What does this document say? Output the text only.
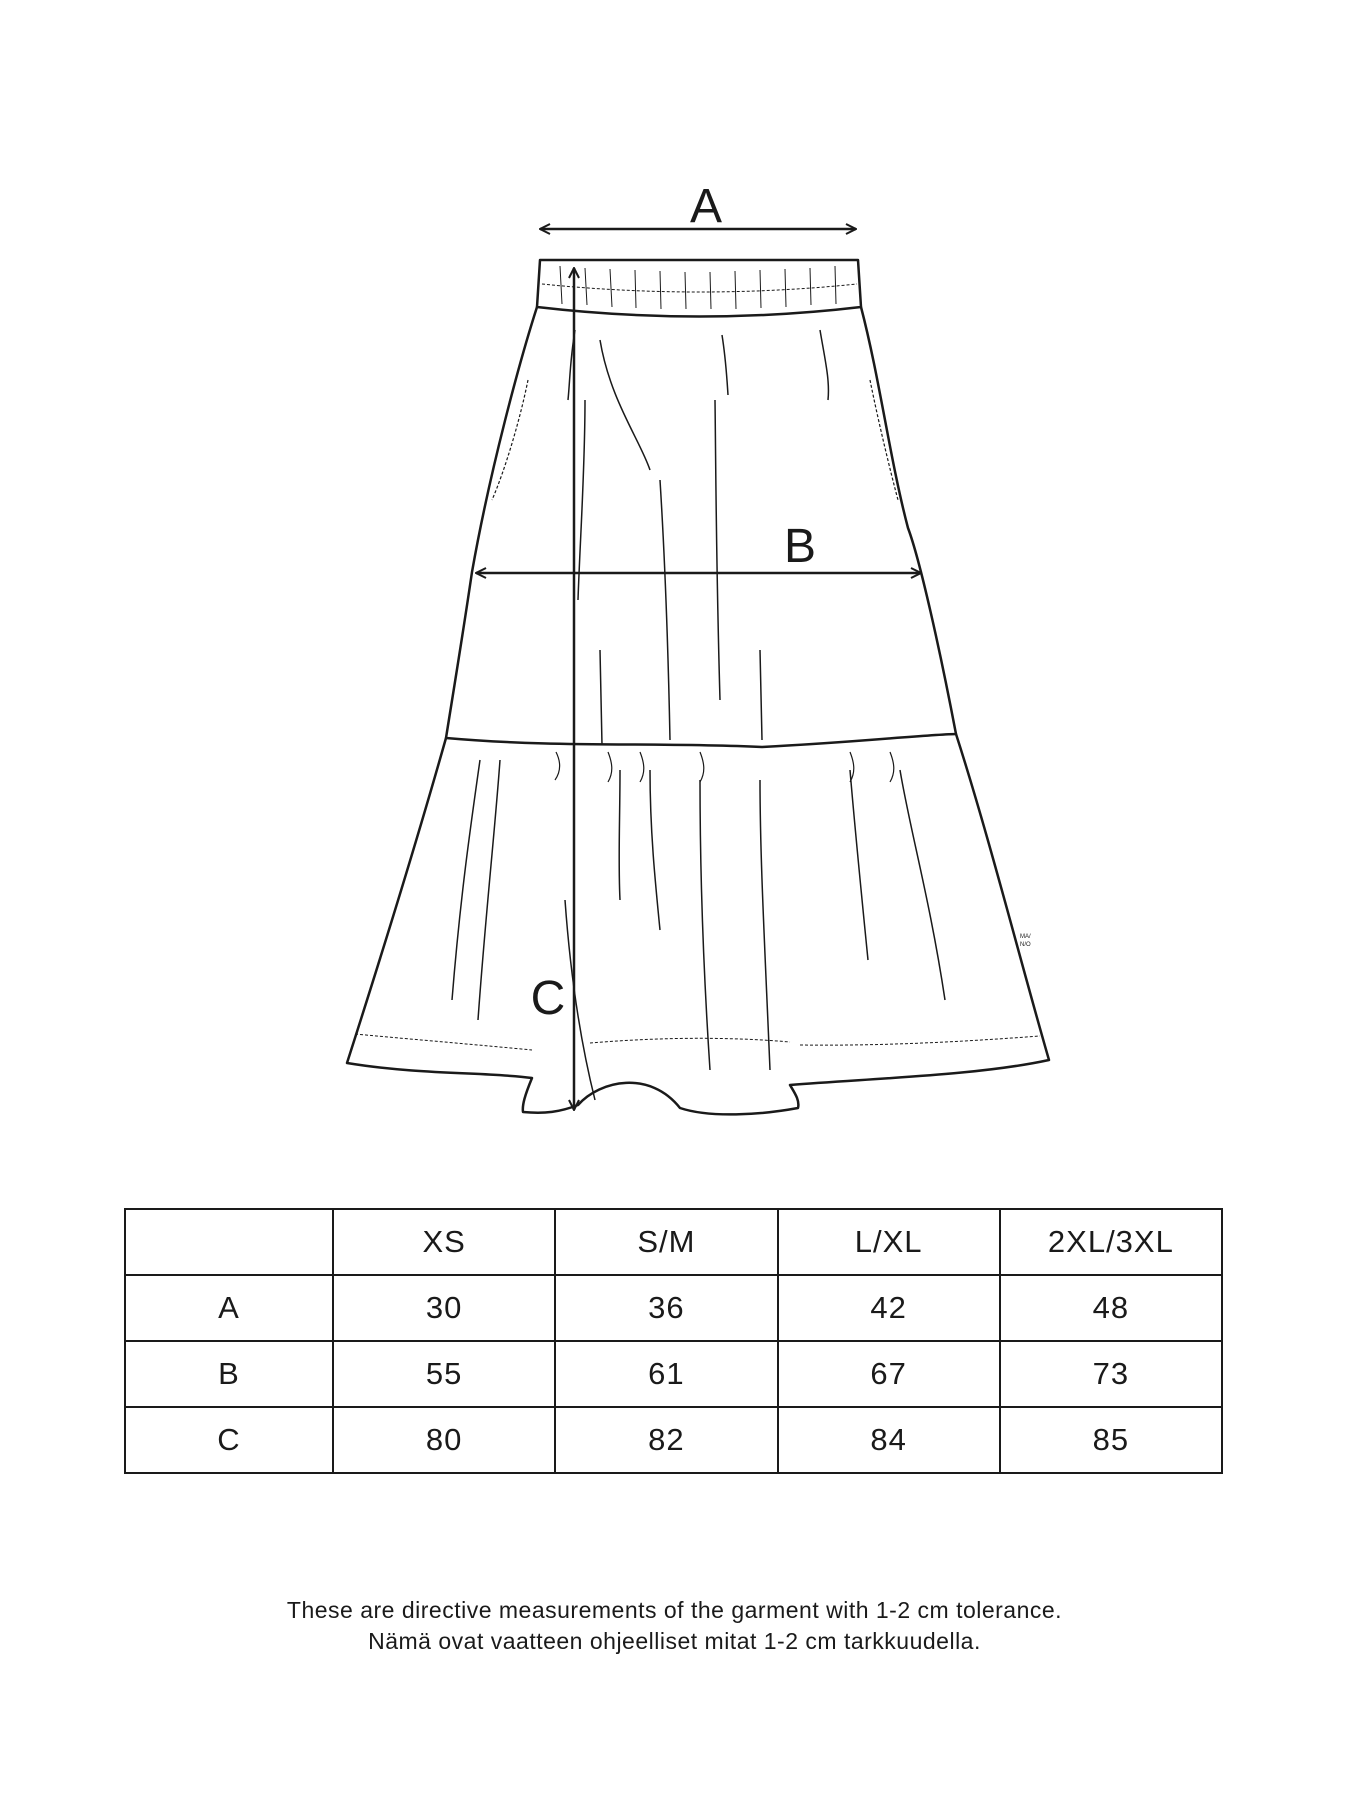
MA/
N/O
A
B
C
	XS	S/M	L/XL	2XL/3XL
A	30	36	42	48
B	55	61	67	73
C	80	82	84	85
These are directive measurements of the garment with 1-2 cm tolerance.
Nämä ovat vaatteen ohjeelliset mitat 1-2 cm tarkkuudella.
